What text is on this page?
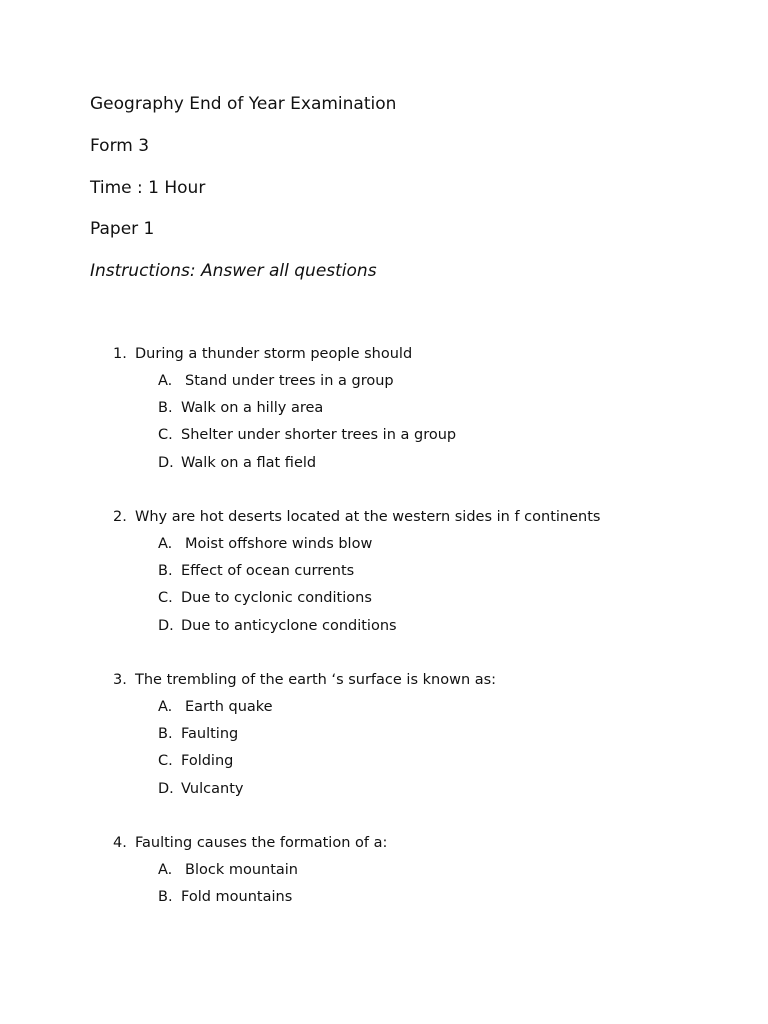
Geography End of Year Examination
Form 3
Time : 1 Hour
Paper 1
Instructions: Answer all questions
1. During a thunder storm people should
A. Stand under trees in a group
B. Walk on a hilly area
C. Shelter under shorter trees in a group
D. Walk on a flat field
2. Why are hot deserts located at the western sides in f continents
A. Moist offshore winds blow
B. Effect of ocean currents
C. Due to cyclonic conditions
D. Due to anticyclone conditions
3. The trembling of the earth ‘s surface is known as:
A. Earth quake
B. Faulting
C. Folding
D. Vulcanty
4. Faulting causes the formation of a:
A. Block mountain
B. Fold mountains
